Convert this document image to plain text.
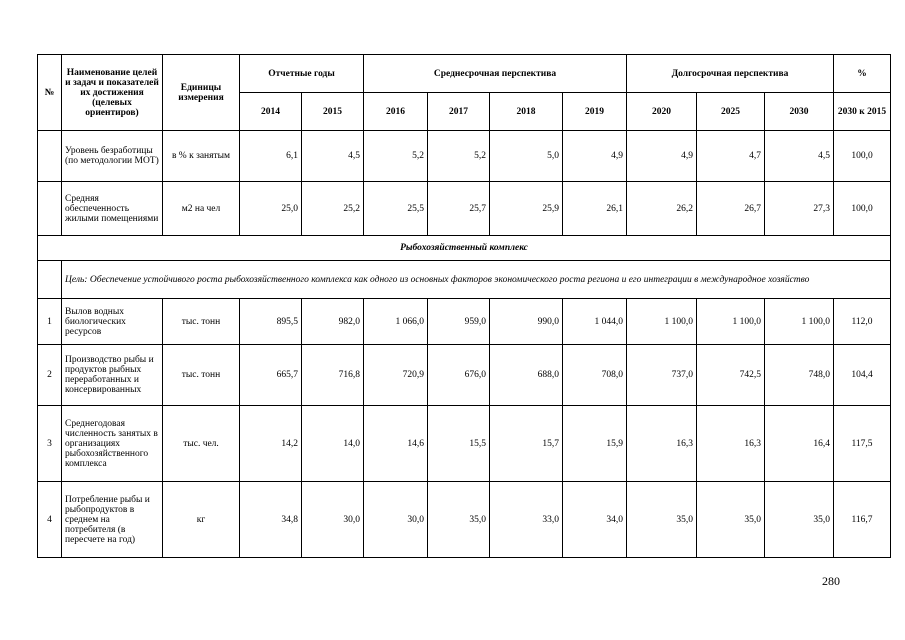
№	Наименование целей и задач и показателей их достижения (целевых ориентиров)	Единицы измерения	Отчетные годы		Среднесрочная перспектива				Долгосрочная перспектива			%
			2014	2015	2016	2017	2018	2019	2020	2025	2030	2030 к 2015
	Уровень безработицы (по методологии МОТ)	в % к занятым	6,1	4,5	5,2	5,2	5,0	4,9	4,9	4,7	4,5	100,0
	Средняя обеспеченность жилыми помещениями	м2 на чел	25,0	25,2	25,5	25,7	25,9	26,1	26,2	26,7	27,3	100,0
Рыбохозяйственный комплекс												
	Цель: Обеспечение устойчивого роста рыбохозяйственного комплекса как одного из основных факторов экономического роста региона и его интеграции в международное хозяйство											
1	Вылов водных биологических ресурсов	тыс. тонн	895,5	982,0	1 066,0	959,0	990,0	1 044,0	1 100,0	1 100,0	1 100,0	112,0
2	Производство рыбы и продуктов рыбных переработанных и консервированных	тыс. тонн	665,7	716,8	720,9	676,0	688,0	708,0	737,0	742,5	748,0	104,4
3	Среднегодовая численность занятых в организациях рыбохозяйственного комплекса	тыс. чел.	14,2	14,0	14,6	15,5	15,7	15,9	16,3	16,3	16,4	117,5
4	Потребление рыбы и рыбопродуктов в среднем на потребителя (в пересчете на год)	кг	34,8	30,0	30,0	35,0	33,0	34,0	35,0	35,0	35,0	116,7
280
